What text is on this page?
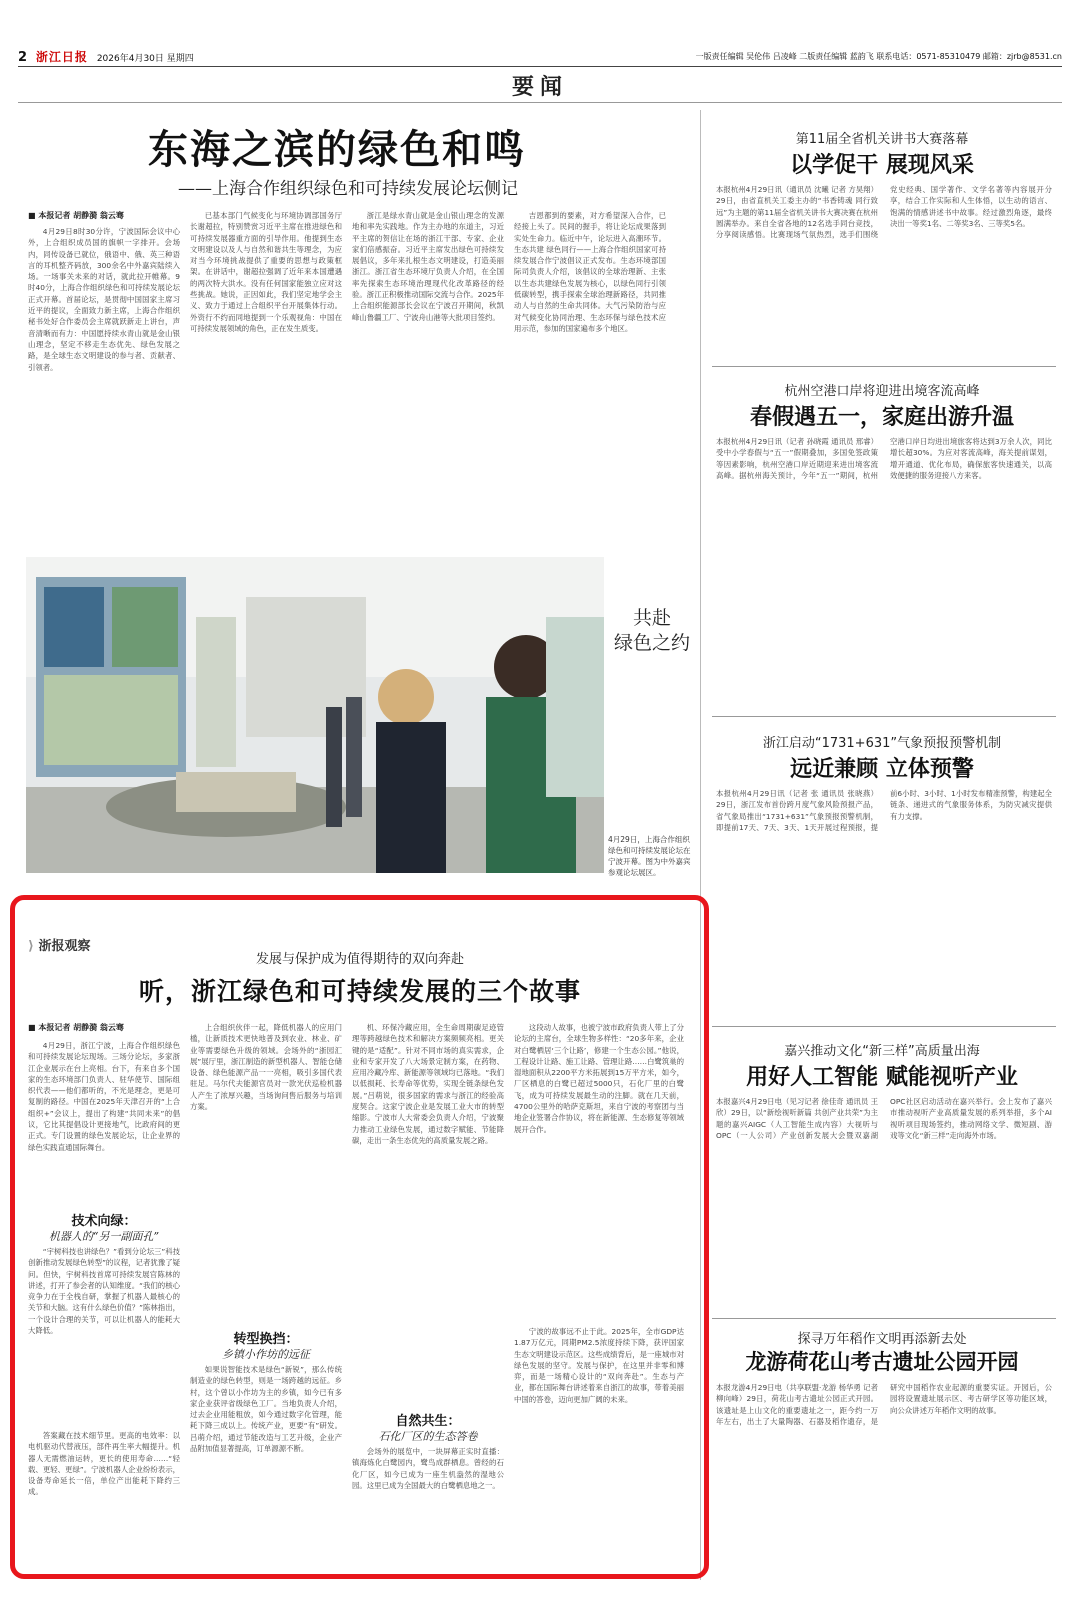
2 浙江日报 2026年4月30日 星期四	一版责任编辑 吴伦伟 吕凌峰 二版责任编辑 蓝韵飞 联系电话：0571-85310479 邮箱：zjrb@8531.cn
要闻
东海之滨的绿色和鸣
——上海合作组织绿色和可持续发展论坛侧记
■ 本报记者 胡静漪 翁云骞

4月29日8时30分许，宁波国际会议中心外，上合组织成员国的旗帜一字排开。会场内，同传设备已就位，俄语中、俄、英三种语言的耳机整齐码放，300余名中外嘉宾陆续入场。一场事关未来的对话，就此拉开帷幕。9时40分，上海合作组织绿色和可持续发展论坛正式开幕。首届论坛，是贯彻中国国家主席习近平的提议，全面致力新主席，上海合作组织秘书处好合作委员会主席就跃新走上讲台，声音清晰而有力：中国愿持续水青山就是金山银山理念，坚定不移走生态优先、绿色发展之路，是全球生态文明建设的参与者、贡献者、引领者。

已基本部门气候变化与环境协调部国务厅长谢超拉，特别赞赏习近平主席在推进绿色和可持续发展器重方面的引导作用。他提到生态文明建设以及人与自然和谐共生等理念，为应对当今环境挑战提供了重要的思想与政策框架。在讲话中，谢超拉强调了近年来本国遭遇的两次特大洪水。没有任何国家能独立应对这些挑战。她说，正因如此，我们坚定地学会主义、致力于通过上合组织平台开展集体行动。外资行不约而同地提到一个乐观视角：中国在可持续发展领域的角色，正在发生质变。

浙江是绿水青山就是金山银山理念的发源地和率先实践地。作为主办地的东道主，习近平主席的贺信让在场的浙江干部、专家、企业家们倍感振奋。习近平主席发出绿色可持续发展倡议，多年来扎根生态文明建设，打造美丽浙江。浙江省生态环境厅负责人介绍，在全国率先探索生态环境治理现代化改革路径的经验。浙江正积极推动国际交流与合作。2025年上合组织能源部长会议在宁波召开期间，秋凯峰山鲁疆工厂、宁波舟山港等大批项目签约。

吉恩都到的要素，对方希望深入合作，已经接上头了。民间的握手，将让论坛成果落到实处生命力。临近中午，论坛进入高潮环节。生态共建 绿色同行——上海合作组织国家可持续发展合作宁波倡议正式发布。生态环境部国际司负责人介绍，该倡议的全球治理新、主张以生态共建绿色发展为核心，以绿色同行引领低碳转型，携手探索全球治理新路径，共同推动人与自然的生命共同体。大气污染防治与应对气候变化协同治理、生态环保与绿色技术应用示范，参加的国家遍布多个地区。

共赴
绿色之约
4月29日，上海合作组织绿色和可持续发展论坛在宁波开幕。图为中外嘉宾参观论坛展区。
⟩ 浙报观察
发展与保护成为值得期待的双向奔赴
听，浙江绿色和可持续发展的三个故事
■ 本报记者 胡静漪 翁云骞

4月29日，浙江宁波，上海合作组织绿色和可持续发展论坛现场。三场分论坛，多家浙江企业展示在台上亮相。台下，有来自多个国家的生态环境部门负责人、驻华使节、国际组织代表——他们都听的，不光是理念，更是可复制的路径。中国在2025年天津召开的“上合组织+”会议上，提出了构建“共同未来”的倡议，它比其提倡设计更接地气，比政府间的更正式。专门设置的绿色发展论坛，让企业界的绿色实践直通国际舞台。

技术向绿：
机器人的“另一副面孔”

“宇树科技也讲绿色？”看到分论坛三”科技创新推动发展绿色转型”的议程，记者犹豫了疑问。但快，宇树科技首席可持续发展官陈林的讲述，打开了参会者的认知维度。“我们的核心竞争力在于全栈自研，掌握了机器人最核心的关节和大脑。这有什么绿色价值？”陈林指出，一个设计合理的关节，可以让机器人的能耗大大降低。

答案藏在技术细节里。更高的电效率：以电机驱动代替液压，部件再生率大幅提升。机器人无需燃油运转，更长的使用寿命……“轻载、更轻、更绿”。宁波机器人企业纷纷表示，设备寿命延长一倍，单位产出能耗下降约三成。

上合组织伙伴一起，降低机器人的应用门槛，让新质技术更快地普及到农业、林业、矿业等需要绿色升级的领域。会场外的“浙园汇展”展厅里，浙江制造的新型机器人、智能仓储设备、绿色能源产品一一亮相，吸引多国代表驻足。马尔代夫能源官员对一款光伏巡检机器人产生了浓厚兴趣，当场询问售后服务与培训方案。

转型换挡：
乡镇小作坊的远征

如果说智能技术是绿色“新锐”，那么传统制造业的绿色转型，则是一场跨越的远征。乡村，这个曾以小作坊为主的乡镇，如今已有多家企业获评省级绿色工厂。当地负责人介绍，过去企业用能粗放，如今通过数字化管理，能耗下降三成以上。传统产业，更要“有”研发。吕萌介绍，通过节能改造与工艺升级，企业产品附加值显著提高，订单源源不断。

机、环保冷藏应用，全生命周期碳足迹管理等跨越绿色技术和解决方案频频亮相。更关键的是“适配”。针对不同市场的真实需求，企业和专家开发了八大场景定制方案，在药物、应用冷藏冷库、新能源等领域均已落地。“我们以低损耗、长寿命等优势，实现全链条绿色发展。”吕萌说，很多国家的需求与浙江的经验高度契合。这家宁波企业是发展工业大市的转型缩影。宁波市人大常委会负责人介绍，宁波聚力推动工业绿色发展，通过数字赋能、节能降碳，走出一条生态优先的高质量发展之路。

自然共生：
石化厂区的生态答卷

会场外的展览中，一块屏幕正实时直播：镇海炼化白鹭园内，鹭鸟成群栖息。曾经的石化厂区，如今已成为一座生机盎然的湿地公园。这里已成为全国最大的白鹭栖息地之一。

这段动人故事，也被宁波市政府负责人带上了分论坛的主席台，全球生物多样性：“20多年来，企业对白鹭栖居‘三个让路’，修建一个生态公园。”他说，工程设计让路、施工让路、管理让路……白鹭筑巢的湿地面积从2200平方米拓展到15万平方米，如今，厂区栖息的白鹭已超过5000只，石化厂里的白鹭飞，成为可持续发展最生动的注脚。就在几天前，4700公里外的哈萨克斯坦，来自宁波的考察团与当地企业签署合作协议，将在新能源、生态修复等领域展开合作。

宁波的故事远不止于此。2025年，全市GDP达1.87万亿元，同期PM2.5浓度持续下降，获评国家生态文明建设示范区。这些成绩背后，是一座城市对绿色发展的坚守。发展与保护，在这里并非零和博弈，而是一场精心设计的“双向奔赴”。生态与产业，都在国际舞台讲述着来自浙江的故事，带着美丽中国的答卷，迈向更加广阔的未来。

第11届全省机关讲书大赛落幕
以学促干 展现风采
本报杭州4月29日讯（通讯员 沈曦 记者 方昊翔）29日，由省直机关工委主办的“书香铸魂 同行致远”为主题的第11届全省机关讲书大赛决赛在杭州圆满举办。来自全省各地的12名选手同台竞技，分享阅读感悟。比赛现场气氛热烈，选手们围绕党史经典、国学著作、文学名著等内容展开分享，结合工作实际和人生体悟，以生动的语言、饱满的情感讲述书中故事。经过激烈角逐，最终决出一等奖1名、二等奖3名、三等奖5名。
杭州空港口岸将迎进出境客流高峰
春假遇五一，家庭出游升温
本报杭州4月29日讯（记者 孙晓霞 通讯员 邢睿）受中小学春假与“五一”假期叠加，多国免签政策等因素影响，杭州空港口岸近期迎来进出境客流高峰。据杭州海关预计，今年“五一”期间，杭州空港口岸日均进出境旅客将达到3万余人次，同比增长超30%。为应对客流高峰，海关提前谋划，增开通道、优化布局，确保旅客快速通关，以高效便捷的服务迎接八方来客。
浙江启动“1731+631”气象预报预警机制
远近兼顾 立体预警
本报杭州4月29日讯（记者 张 通讯员 张晓燕）29日，浙江发布首份跨月度气象风险预报产品，省气象局推出“1731+631”气象预报预警机制，即提前17天、7天、3天、1天开展过程预报，提前6小时、3小时、1小时发布精准预警，构建起全链条、递进式的气象服务体系，为防灾减灾提供有力支撑。
嘉兴推动文化“新三样”高质量出海
用好人工智能 赋能视听产业
本报嘉兴4月29日电（见习记者 徐佳奇 通讯员 王欣）29日，以“新绘视听新篇 共创产业共荣”为主题的嘉兴AIGC（人工智能生成内容）大视听与OPC（一人公司）产业创新发展大会暨双嘉湖OPC社区启动活动在嘉兴举行。会上发布了嘉兴市推动视听产业高质量发展的系列举措，多个AI视听项目现场签约，推动网络文学、微短剧、游戏等文化“新三样”走向海外市场。
探寻万年稻作文明再添新去处
龙游荷花山考古遗址公园开园
本报龙游4月29日电（共享联盟·龙游 杨华勇 记者 柳向峰）29日，荷花山考古遗址公园正式开园。该遗址是上山文化的重要遗址之一，距今约一万年左右，出土了大量陶器、石器及稻作遗存，是研究中国稻作农业起源的重要实证。开园后，公园将设置遗址展示区、考古研学区等功能区域，向公众讲述万年稻作文明的故事。
